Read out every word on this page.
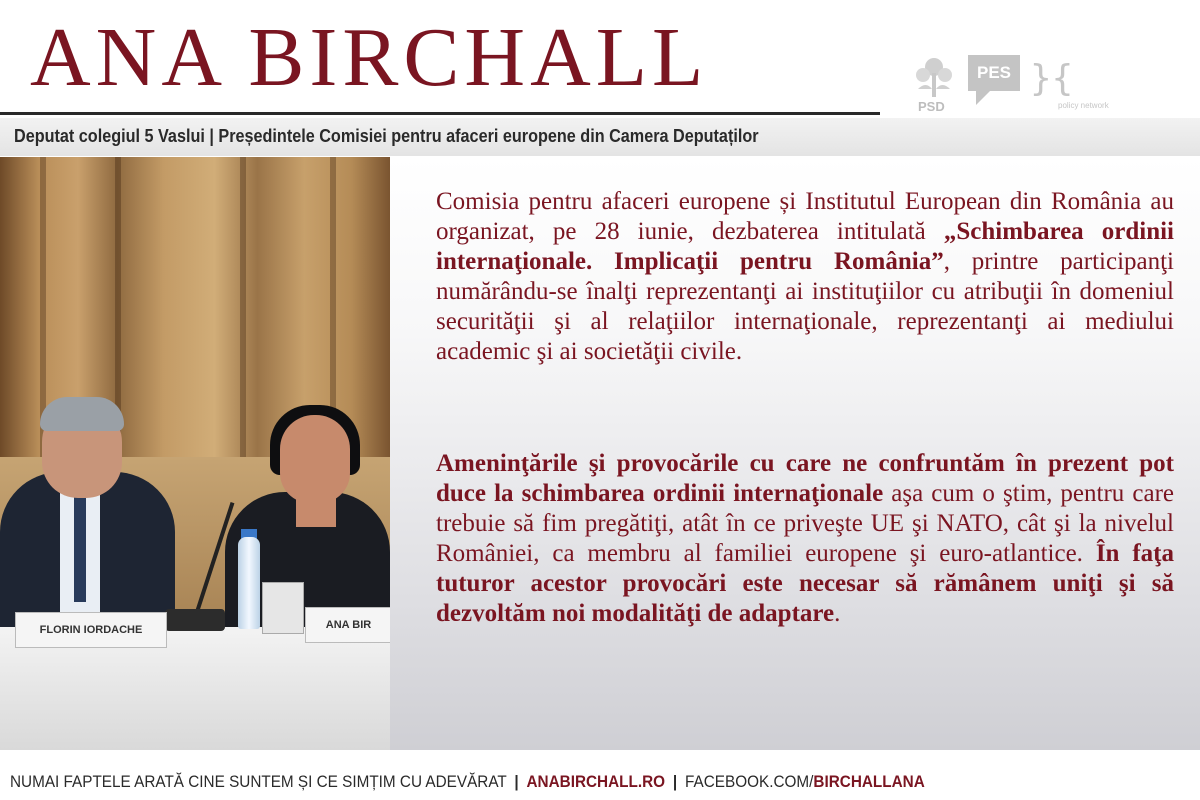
ANA BIRCHALL
PSD
PES }{
policy network
Deputat colegiul 5 Vaslui | Președintele Comisiei pentru afaceri europene din Camera Deputaților
FLORIN IORDACHE	ANA BIR
Comisia pentru afaceri europene și Institutul European din România au organizat, pe 28 iunie, dezbaterea intitulată „Schimbarea ordinii internaţionale. Implicaţii pentru România”, printre participanţi numărându-se înalţi reprezentanţi ai instituţiilor cu atribuţii în domeniul securităţii şi al relaţiilor internaţionale, reprezentanţi ai mediului academic şi ai societăţii civile.
Ameninţările şi provocările cu care ne confruntăm în prezent pot duce la schimbarea ordinii internaţionale aşa cum o ştim, pentru care trebuie să fim pregătiţi, atât în ce priveşte UE şi NATO, cât şi la nivelul României, ca membru al familiei europene şi euro-atlantice. În faţa tuturor acestor provocări este necesar să rămânem uniţi şi să dezvoltăm noi modalităţi de adaptare.
NUMAI FAPTELE ARATĂ CINE SUNTEM ȘI CE SIMȚIM CU ADEVĂRAT | ANABIRCHALL.RO | FACEBOOK.COM/BIRCHALLANA
